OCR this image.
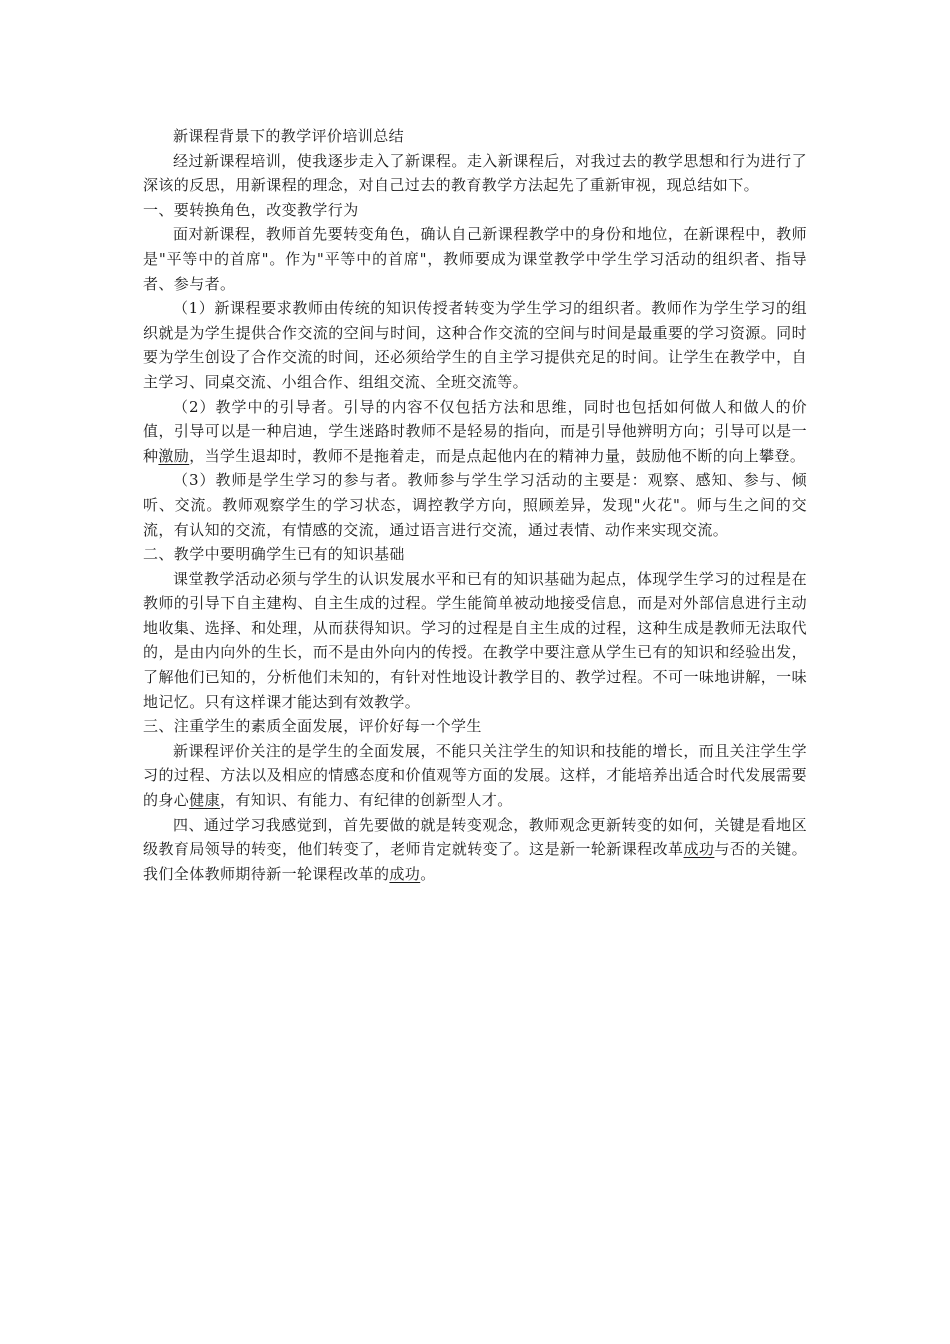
新课程背景下的教学评价培训总结

经过新课程培训，使我逐步走入了新课程。走入新课程后，对我过去的教学思想和行为进行了深该的反思，用新课程的理念，对自己过去的教育教学方法起先了重新审视，现总结如下。

一、要转换角色，改变教学行为

面对新课程，教师首先要转变角色，确认自己新课程教学中的身份和地位，在新课程中，教师是"平等中的首席"。作为"平等中的首席"，教师要成为课堂教学中学生学习活动的组织者、指导者、参与者。

（1）新课程要求教师由传统的知识传授者转变为学生学习的组织者。教师作为学生学习的组织就是为学生提供合作交流的空间与时间，这种合作交流的空间与时间是最重要的学习资源。同时要为学生创设了合作交流的时间，还必须给学生的自主学习提供充足的时间。让学生在教学中，自主学习、同桌交流、小组合作、组组交流、全班交流等。

（2）教学中的引导者。引导的内容不仅包括方法和思维，同时也包括如何做人和做人的价值，引导可以是一种启迪，学生迷路时教师不是轻易的指向，而是引导他辨明方向；引导可以是一种激励，当学生退却时，教师不是拖着走，而是点起他内在的精神力量，鼓励他不断的向上攀登。

（3）教师是学生学习的参与者。教师参与学生学习活动的主要是：观察、感知、参与、倾听、交流。教师观察学生的学习状态，调控教学方向，照顾差异，发现"火花"。师与生之间的交流，有认知的交流，有情感的交流，通过语言进行交流，通过表情、动作来实现交流。

二、教学中要明确学生已有的知识基础

课堂教学活动必须与学生的认识发展水平和已有的知识基础为起点，体现学生学习的过程是在教师的引导下自主建构、自主生成的过程。学生能简单被动地接受信息，而是对外部信息进行主动地收集、选择、和处理，从而获得知识。学习的过程是自主生成的过程，这种生成是教师无法取代的，是由内向外的生长，而不是由外向内的传授。在教学中要注意从学生已有的知识和经验出发，了解他们已知的，分析他们未知的，有针对性地设计教学目的、教学过程。不可一味地讲解，一味地记忆。只有这样课才能达到有效教学。

三、注重学生的素质全面发展，评价好每一个学生

新课程评价关注的是学生的全面发展，不能只关注学生的知识和技能的增长，而且关注学生学习的过程、方法以及相应的情感态度和价值观等方面的发展。这样，才能培养出适合时代发展需要的身心健康，有知识、有能力、有纪律的创新型人才。

四、通过学习我感觉到，首先要做的就是转变观念，教师观念更新转变的如何，关键是看地区级教育局领导的转变，他们转变了，老师肯定就转变了。这是新一轮新课程改革成功与否的关键。我们全体教师期待新一轮课程改革的成功。
